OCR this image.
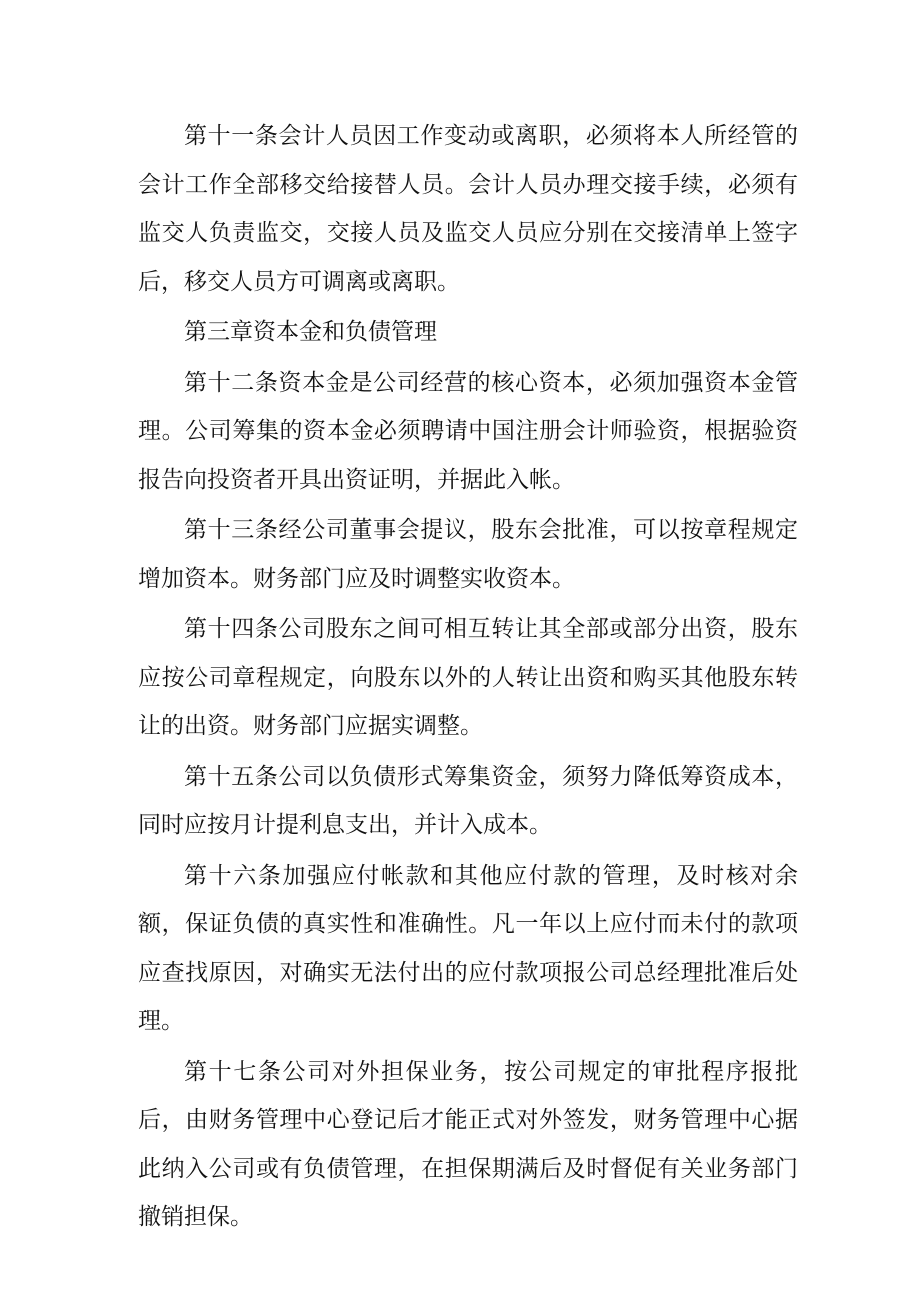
第十一条会计人员因工作变动或离职，必须将本人所经管的会计工作全部移交给接替人员。会计人员办理交接手续，必须有监交人负责监交，交接人员及监交人员应分别在交接清单上签字后，移交人员方可调离或离职。

第三章资本金和负债管理

第十二条资本金是公司经营的核心资本，必须加强资本金管理。公司筹集的资本金必须聘请中国注册会计师验资，根据验资报告向投资者开具出资证明，并据此入帐。

第十三条经公司董事会提议，股东会批准，可以按章程规定增加资本。财务部门应及时调整实收资本。

第十四条公司股东之间可相互转让其全部或部分出资，股东应按公司章程规定，向股东以外的人转让出资和购买其他股东转让的出资。财务部门应据实调整。

第十五条公司以负债形式筹集资金，须努力降低筹资成本，同时应按月计提利息支出，并计入成本。

第十六条加强应付帐款和其他应付款的管理，及时核对余额，保证负债的真实性和准确性。凡一年以上应付而未付的款项应查找原因，对确实无法付出的应付款项报公司总经理批准后处理。

第十七条公司对外担保业务，按公司规定的审批程序报批后，由财务管理中心登记后才能正式对外签发，财务管理中心据此纳入公司或有负债管理，在担保期满后及时督促有关业务部门撤销担保。
